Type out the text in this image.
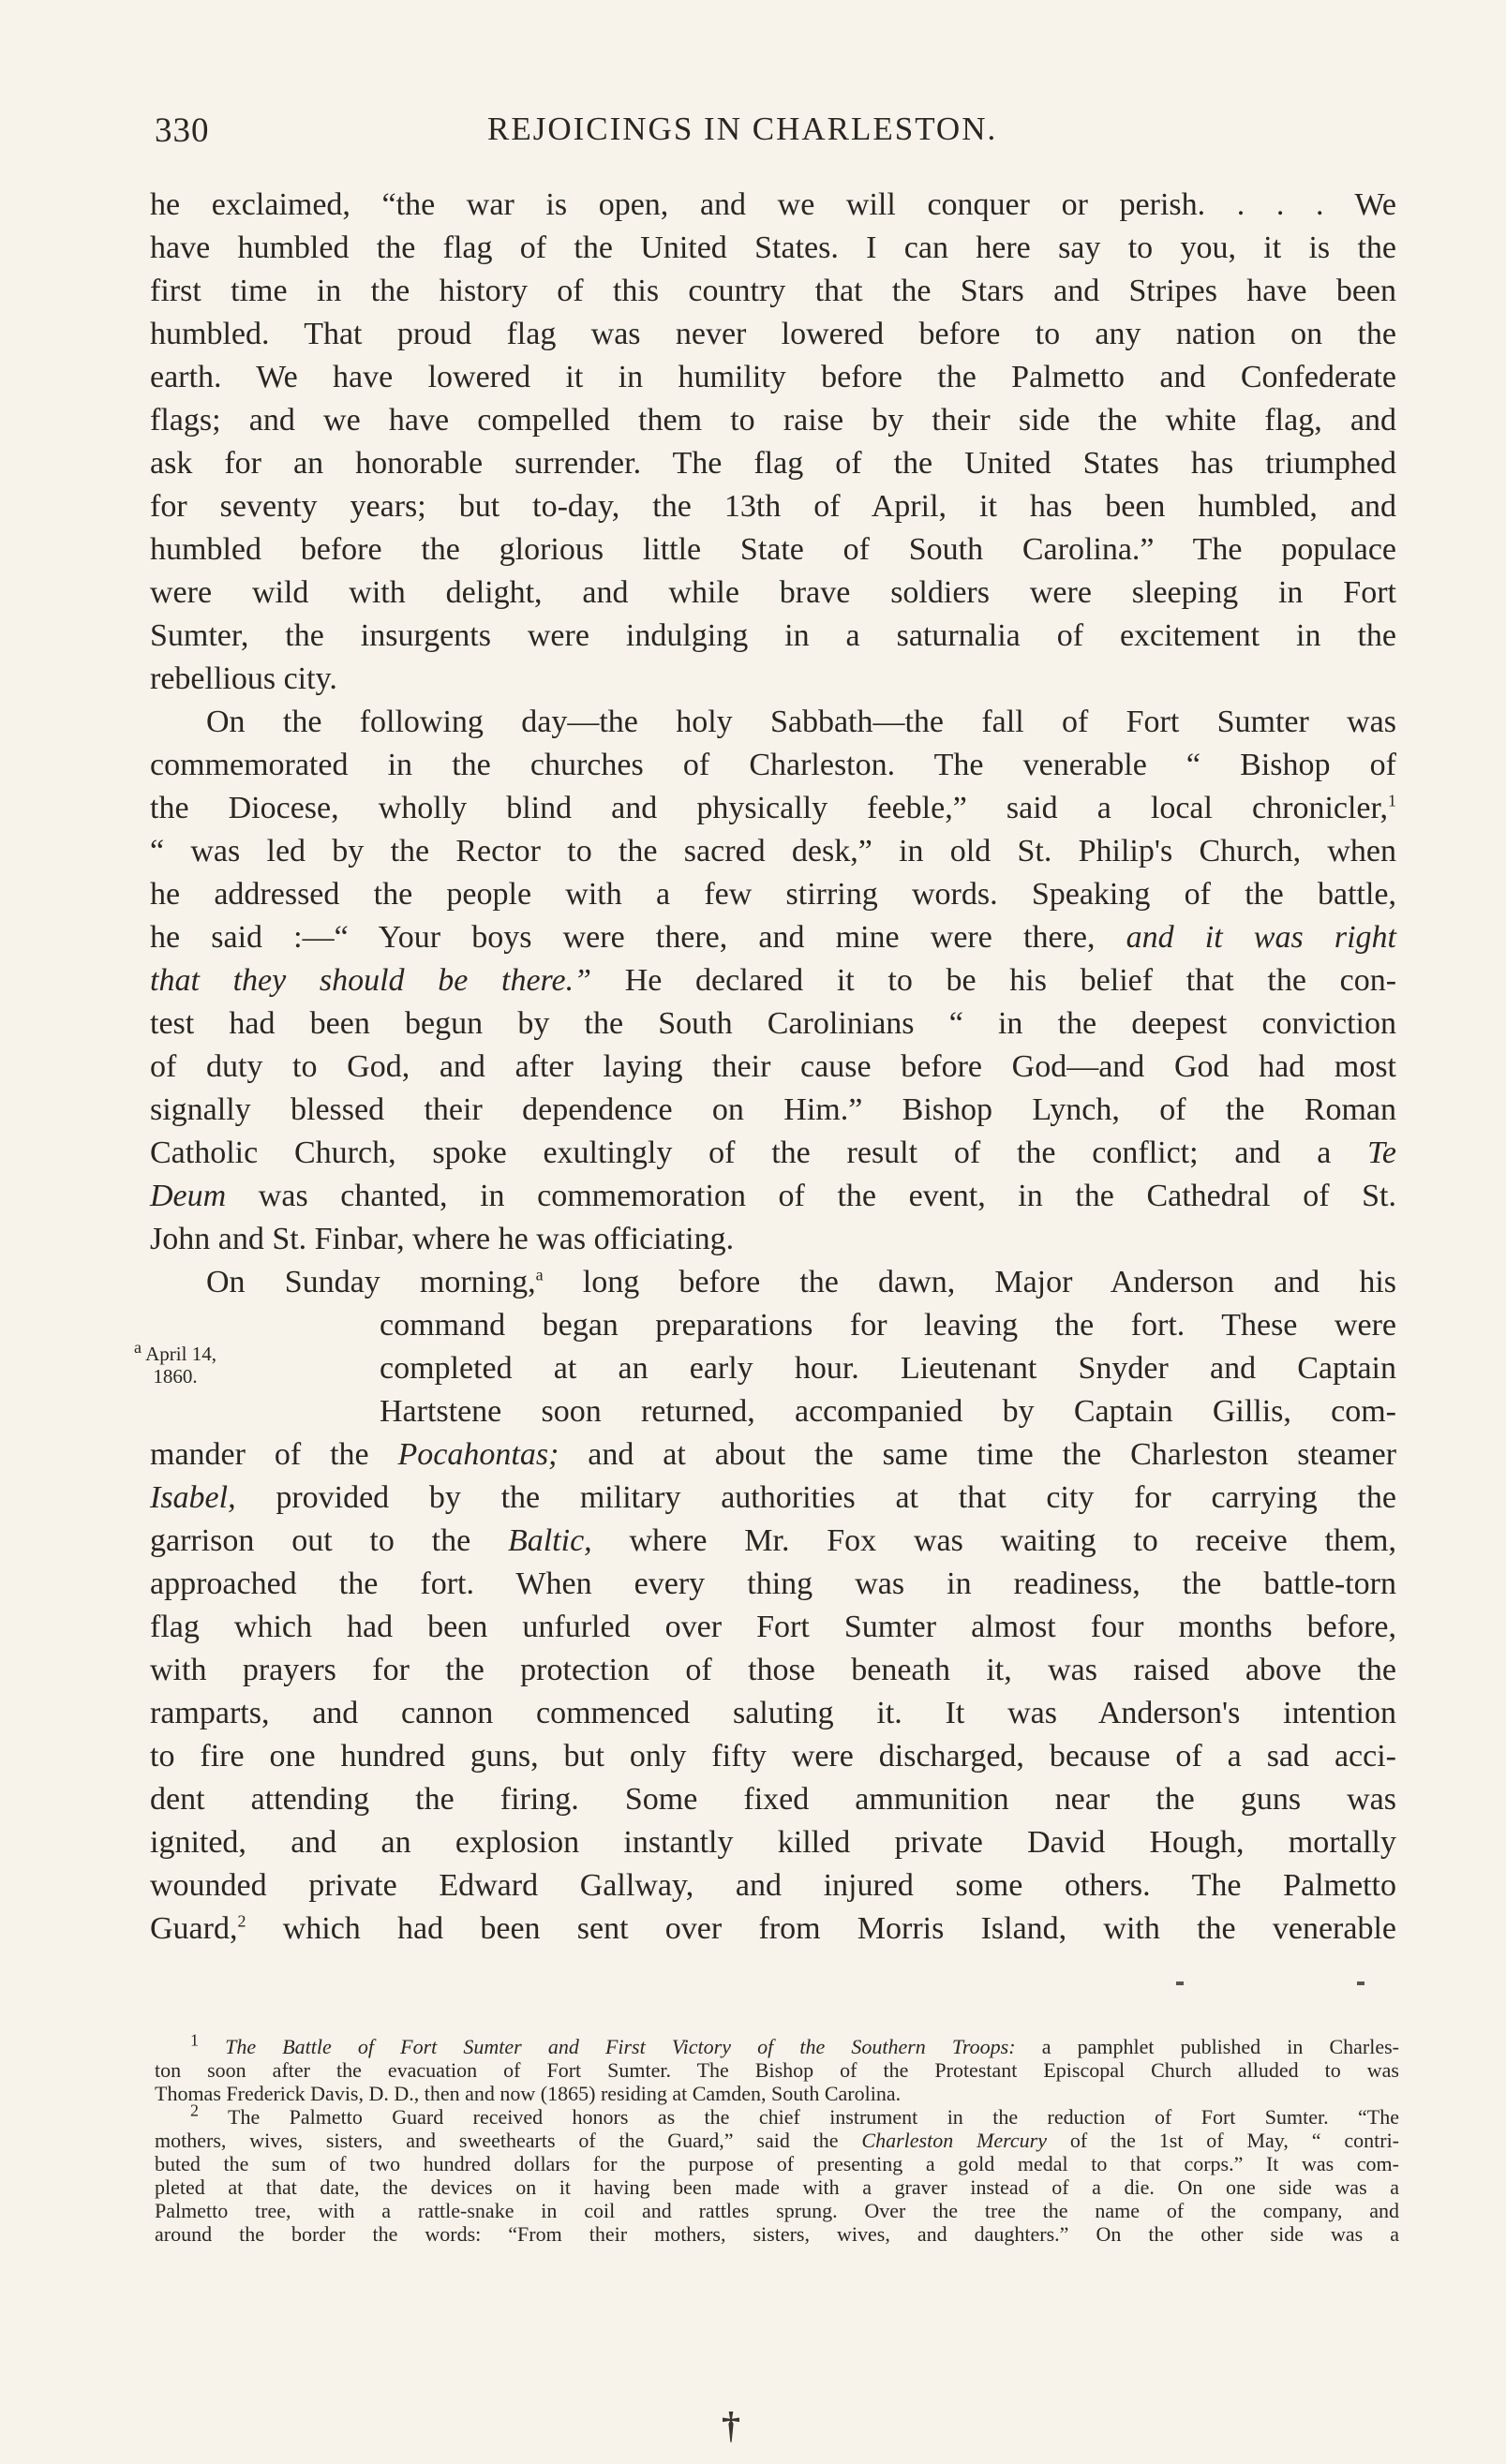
330	REJOICINGS IN CHARLESTON.
he exclaimed, “the war is open, and we will conquer or perish. . . . We
have humbled the flag of the United States. I can here say to you, it is the
first time in the history of this country that the Stars and Stripes have been
humbled. That proud flag was never lowered before to any nation on the
earth. We have lowered it in humility before the Palmetto and Confederate
flags; and we have compelled them to raise by their side the white flag, and
ask for an honorable surrender. The flag of the United States has triumphed
for seventy years; but to-day, the 13th of April, it has been humbled, and
humbled before the glorious little State of South Carolina.” The populace
were wild with delight, and while brave soldiers were sleeping in Fort
Sumter, the insurgents were indulging in a saturnalia of excitement in the
rebellious city.
On the following day—the holy Sabbath—the fall of Fort Sumter was
commemorated in the churches of Charleston. The venerable “ Bishop of
the Diocese, wholly blind and physically feeble,” said a local chronicler,$^1$
“ was led by the Rector to the sacred desk,” in old St. Philip's Church, when
he addressed the people with a few stirring words. Speaking of the battle,
he said :—“ Your boys were there, and mine were there, and it was right
that they should be there.” He declared it to be his belief that the con-
test had been begun by the South Carolinians “ in the deepest conviction
of duty to God, and after laying their cause before God—and God had most
signally blessed their dependence on Him.” Bishop Lynch, of the Roman
Catholic Church, spoke exultingly of the result of the conflict; and a Te
Deum was chanted, in commemoration of the event, in the Cathedral of St.
John and St. Finbar, where he was officiating.
On Sunday morning,$^a$ long before the dawn, Major Anderson and his
command began preparations for leaving the fort. These were
completed at an early hour. Lieutenant Snyder and Captain
Hartstene soon returned, accompanied by Captain Gillis, com-
mander of the Pocahontas; and at about the same time the Charleston steamer
Isabel, provided by the military authorities at that city for carrying the
garrison out to the Baltic, where Mr. Fox was waiting to receive them,
approached the fort. When every thing was in readiness, the battle-torn
flag which had been unfurled over Fort Sumter almost four months before,
with prayers for the protection of those beneath it, was raised above the
ramparts, and cannon commenced saluting it. It was Anderson's intention
to fire one hundred guns, but only fifty were discharged, because of a sad acci-
dent attending the firing. Some fixed ammunition near the guns was
ignited, and an explosion instantly killed private David Hough, mortally
wounded private Edward Gallway, and injured some others. The Palmetto
Guard,$^2$ which had been sent over from Morris Island, with the venerable
$^a$ April 14,
1860.
$^1$ The Battle of Fort Sumter and First Victory of the Southern Troops: a pamphlet published in Charles-
ton soon after the evacuation of Fort Sumter. The Bishop of the Protestant Episcopal Church alluded to was
Thomas Frederick Davis, D. D., then and now (1865) residing at Camden, South Carolina.
$^2$ The Palmetto Guard received honors as the chief instrument in the reduction of Fort Sumter. “The
mothers, wives, sisters, and sweethearts of the Guard,” said the Charleston Mercury of the 1st of May, “ contri-
buted the sum of two hundred dollars for the purpose of presenting a gold medal to that corps.” It was com-
pleted at that date, the devices on it having been made with a graver instead of a die. On one side was a
Palmetto tree, with a rattle-snake in coil and rattles sprung. Over the tree the name of the company, and
around the border the words: “From their mothers, sisters, wives, and daughters.” On the other side was a
†
